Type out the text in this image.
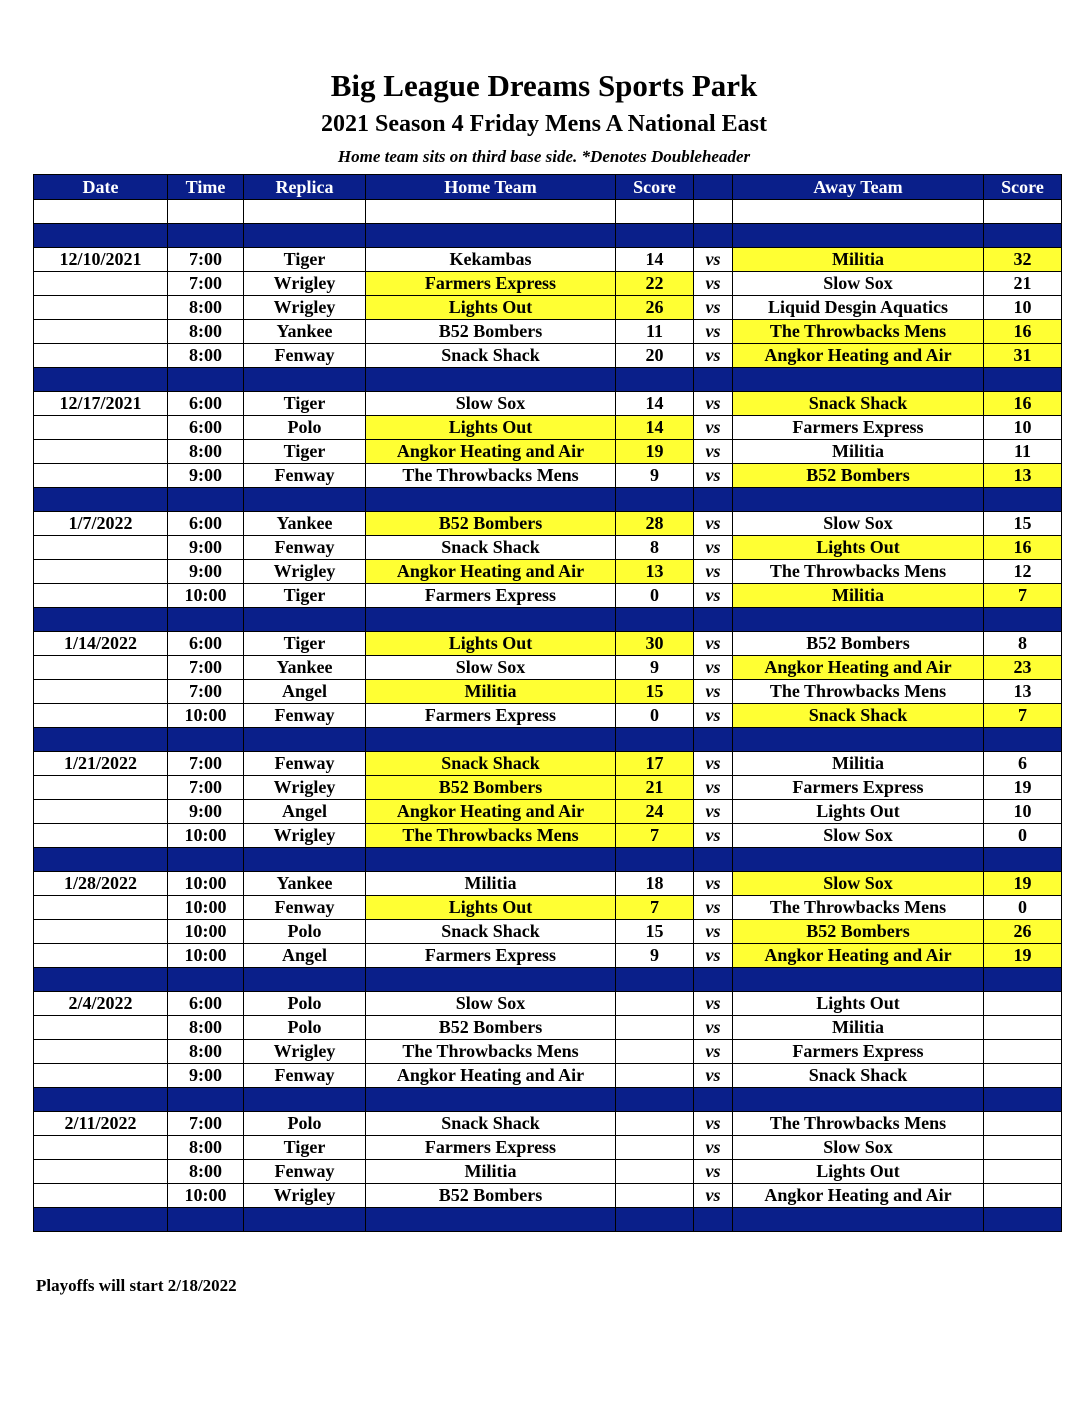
Big League Dreams Sports Park
2021 Season 4 Friday Mens A National East
Home team sits on third base side. *Denotes Doubleheader
Date	Time	Replica	Home Team	Score		Away Team	Score

12/10/2021	7:00	Tiger	Kekambas	14	vs	Militia	32
	7:00	Wrigley	Farmers Express	22	vs	Slow Sox	21
	8:00	Wrigley	Lights Out	26	vs	Liquid Desgin Aquatics	10
	8:00	Yankee	B52 Bombers	11	vs	The Throwbacks Mens	16
	8:00	Fenway	Snack Shack	20	vs	Angkor Heating and Air	31

12/17/2021	6:00	Tiger	Slow Sox	14	vs	Snack Shack	16
	6:00	Polo	Lights Out	14	vs	Farmers Express	10
	8:00	Tiger	Angkor Heating and Air	19	vs	Militia	11
	9:00	Fenway	The Throwbacks Mens	9	vs	B52 Bombers	13

1/7/2022	6:00	Yankee	B52 Bombers	28	vs	Slow Sox	15
	9:00	Fenway	Snack Shack	8	vs	Lights Out	16
	9:00	Wrigley	Angkor Heating and Air	13	vs	The Throwbacks Mens	12
	10:00	Tiger	Farmers Express	0	vs	Militia	7

1/14/2022	6:00	Tiger	Lights Out	30	vs	B52 Bombers	8
	7:00	Yankee	Slow Sox	9	vs	Angkor Heating and Air	23
	7:00	Angel	Militia	15	vs	The Throwbacks Mens	13
	10:00	Fenway	Farmers Express	0	vs	Snack Shack	7

1/21/2022	7:00	Fenway	Snack Shack	17	vs	Militia	6
	7:00	Wrigley	B52 Bombers	21	vs	Farmers Express	19
	9:00	Angel	Angkor Heating and Air	24	vs	Lights Out	10
	10:00	Wrigley	The Throwbacks Mens	7	vs	Slow Sox	0

1/28/2022	10:00	Yankee	Militia	18	vs	Slow Sox	19
	10:00	Fenway	Lights Out	7	vs	The Throwbacks Mens	0
	10:00	Polo	Snack Shack	15	vs	B52 Bombers	26
	10:00	Angel	Farmers Express	9	vs	Angkor Heating and Air	19

2/4/2022	6:00	Polo	Slow Sox		vs	Lights Out	
	8:00	Polo	B52 Bombers		vs	Militia	
	8:00	Wrigley	The Throwbacks Mens		vs	Farmers Express	
	9:00	Fenway	Angkor Heating and Air		vs	Snack Shack	

2/11/2022	7:00	Polo	Snack Shack		vs	The Throwbacks Mens	
	8:00	Tiger	Farmers Express		vs	Slow Sox	
	8:00	Fenway	Militia		vs	Lights Out	
	10:00	Wrigley	B52 Bombers		vs	Angkor Heating and Air	

Playoffs will start 2/18/2022
